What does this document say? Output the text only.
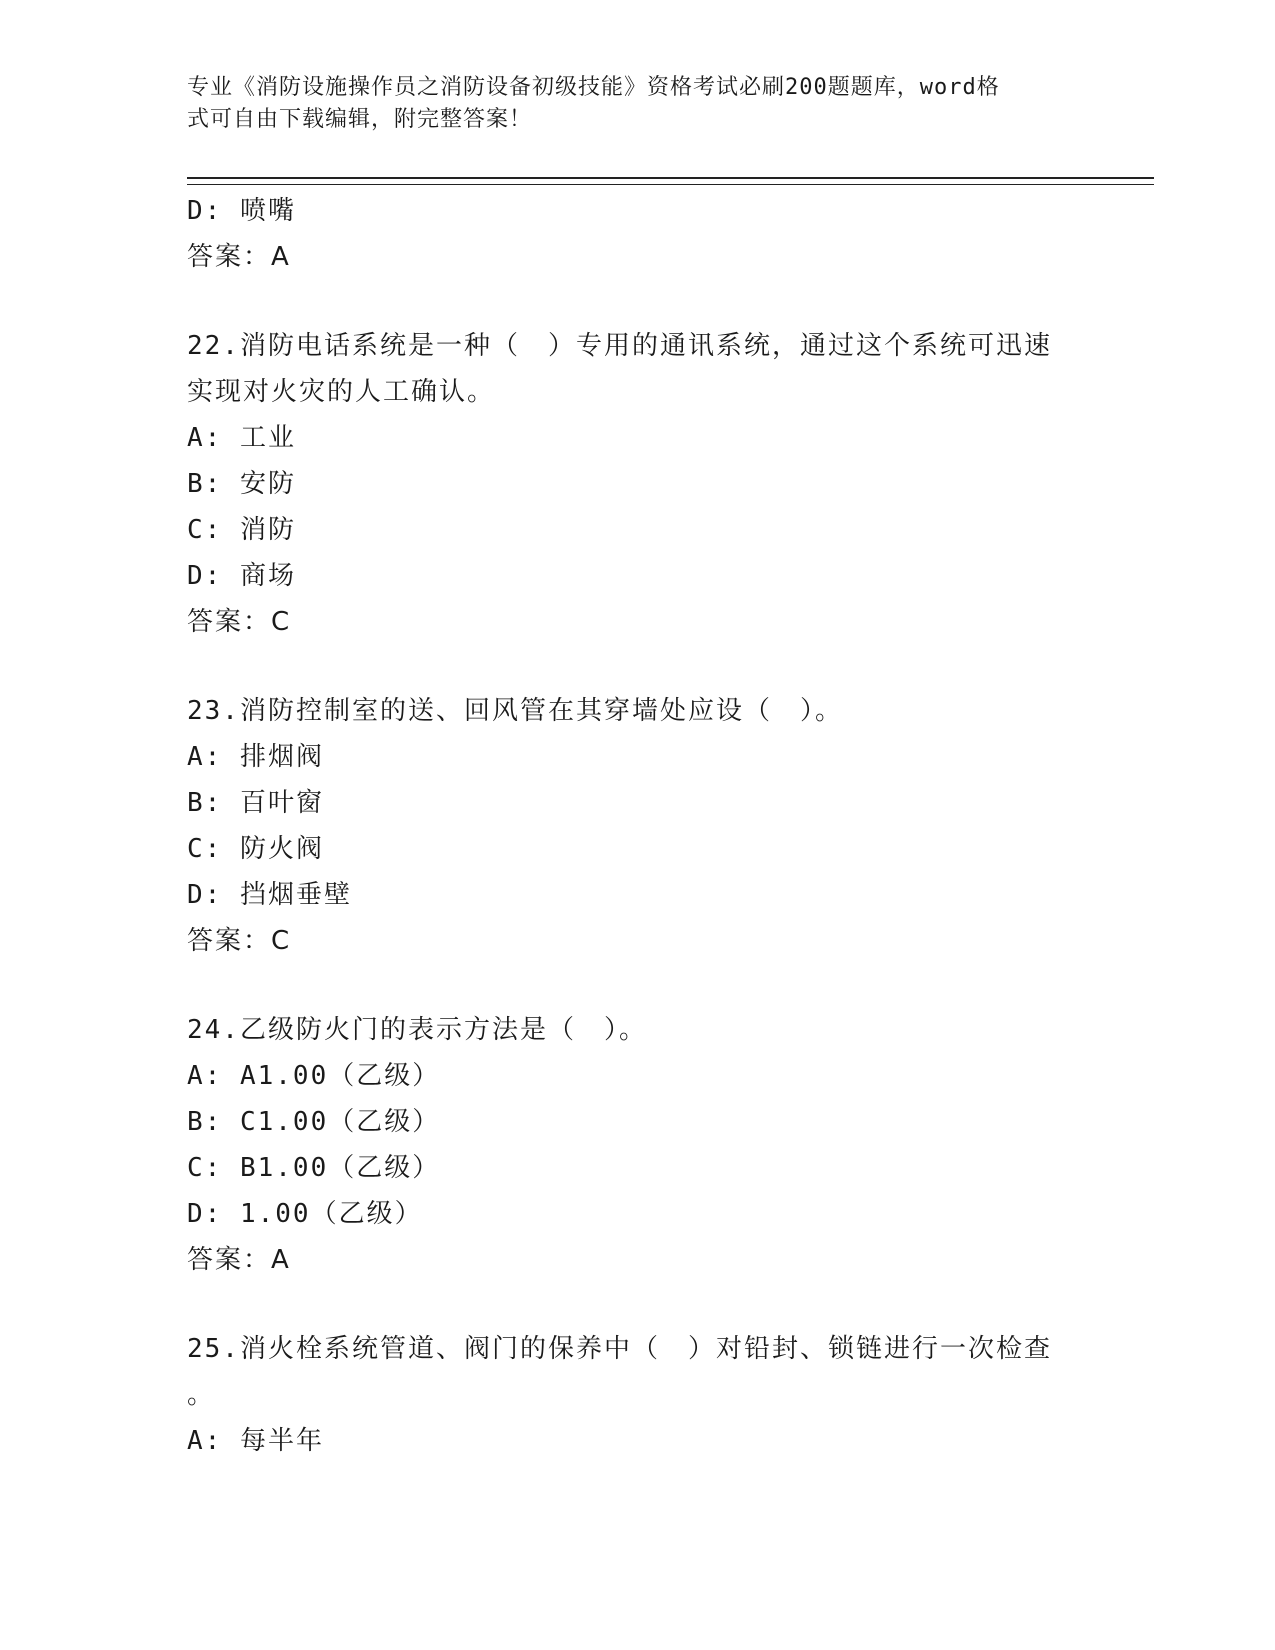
专业《消防设施操作员之消防设备初级技能》资格考试必刷200题题库，word格
式可自由下载编辑，附完整答案！
D: 喷嘴
答案：A
22.消防电话系统是一种（　）专用的通讯系统，通过这个系统可迅速
实现对火灾的人工确认。
A: 工业
B: 安防
C: 消防
D: 商场
答案：C
23.消防控制室的送、回风管在其穿墙处应设（　）。
A: 排烟阀
B: 百叶窗
C: 防火阀
D: 挡烟垂壁
答案：C
24.乙级防火门的表示方法是（　）。
A: A1.00（乙级）
B: C1.00（乙级）
C: B1.00（乙级）
D: 1.00（乙级）
答案：A
25.消火栓系统管道、阀门的保养中（　）对铅封、锁链进行一次检查
。
A: 每半年
